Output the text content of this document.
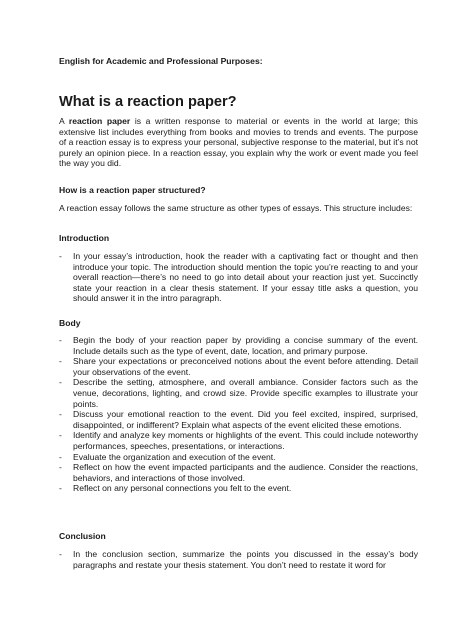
English for Academic and Professional Purposes:
What is a reaction paper?

A reaction paper is a written response to material or events in the world at large; this extensive list includes everything from books and movies to trends and events. The purpose of a reaction essay is to express your personal, subjective response to the material, but it’s not purely an opinion piece. In a reaction essay, you explain why the work or event made you feel the way you did.

How is a reaction paper structured?

A reaction essay follows the same structure as other types of essays. This structure includes:

Introduction
- In your essay’s introduction, hook the reader with a captivating fact or thought and then introduce your topic. The introduction should mention the topic you’re reacting to and your overall reaction—there’s no need to go into detail about your reaction just yet. Succinctly state your reaction in a clear thesis statement. If your essay title asks a question, you should answer it in the intro paragraph.
Body
- Begin the body of your reaction paper by providing a concise summary of the event. Include details such as the type of event, date, location, and primary purpose.
- Share your expectations or preconceived notions about the event before attending. Detail your observations of the event.
- Describe the setting, atmosphere, and overall ambiance. Consider factors such as the venue, decorations, lighting, and crowd size. Provide specific examples to illustrate your points.
- Discuss your emotional reaction to the event. Did you feel excited, inspired, surprised, disappointed, or indifferent? Explain what aspects of the event elicited these emotions.
- Identify and analyze key moments or highlights of the event. This could include noteworthy performances, speeches, presentations, or interactions.
- Evaluate the organization and execution of the event.
- Reflect on how the event impacted participants and the audience. Consider the reactions, behaviors, and interactions of those involved.
- Reflect on any personal connections you felt to the event.
Conclusion
- In the conclusion section, summarize the points you discussed in the essay’s body paragraphs and restate your thesis statement. You don’t need to restate it word for
